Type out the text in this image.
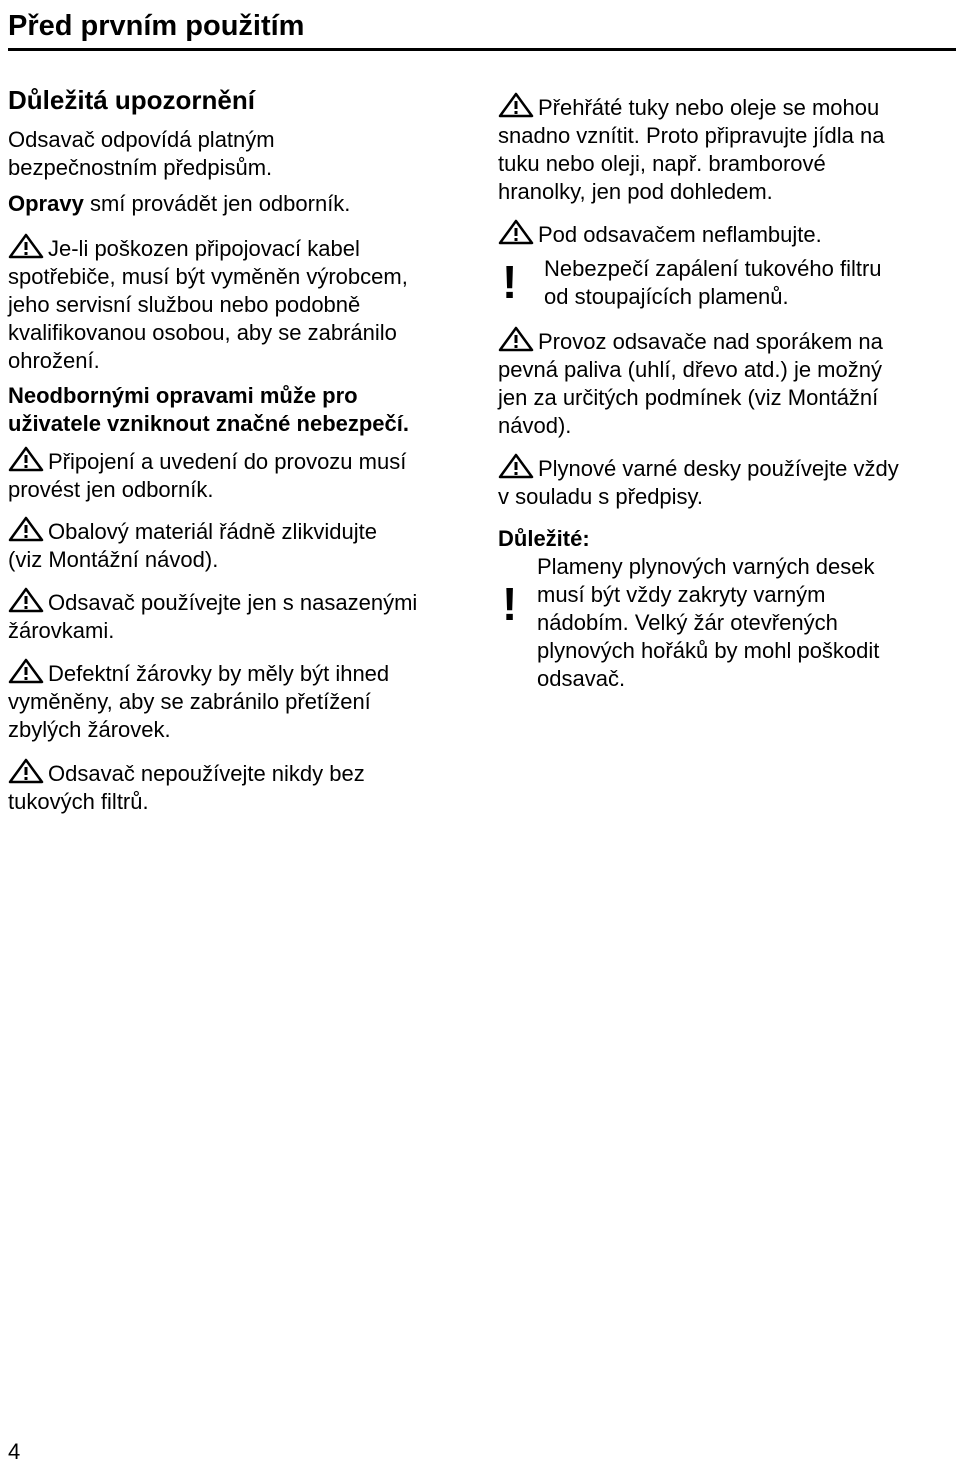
Před prvním použitím
Důležitá upozornění

Odsavač odpovídá platným
bezpečnostním předpisům.

Opravy smí provádět jen odborník.

Je-li poškozen připojovací kabel
spotřebiče, musí být vyměněn výrobcem,
jeho servisní službou nebo podobně
kvalifikovanou osobou, aby se zabránilo
ohrožení.

Neodbornými opravami může pro
uživatele vzniknout značné nebezpečí.

Připojení a uvedení do provozu musí
provést jen odborník.

Obalový materiál řádně zlikvidujte
(viz Montážní návod).

Odsavač používejte jen s nasazenými
žárovkami.

Defektní žárovky by měly být ihned
vyměněny, aby se zabránilo přetížení
zbylých žárovek.

Odsavač nepoužívejte nikdy bez
tukových filtrů.

Přehřáté tuky nebo oleje se mohou
snadno vznítit. Proto připravujte jídla na
tuku nebo oleji, např. bramborové
hranolky, jen pod dohledem.

Pod odsavačem neflambujte.

! Nebezpečí zapálení tukového filtru
od stoupajících plamenů.

Provoz odsavače nad sporákem na
pevná paliva (uhlí, dřevo atd.) je možný
jen za určitých podmínek (viz Montážní
návod).

Plynové varné desky používejte vždy
v souladu s předpisy.

Důležité:

!

Plameny plynových varných desek
musí být vždy zakryty varným
nádobím. Velký žár otevřených
plynových hořáků by mohl poškodit
odsavač.

4
